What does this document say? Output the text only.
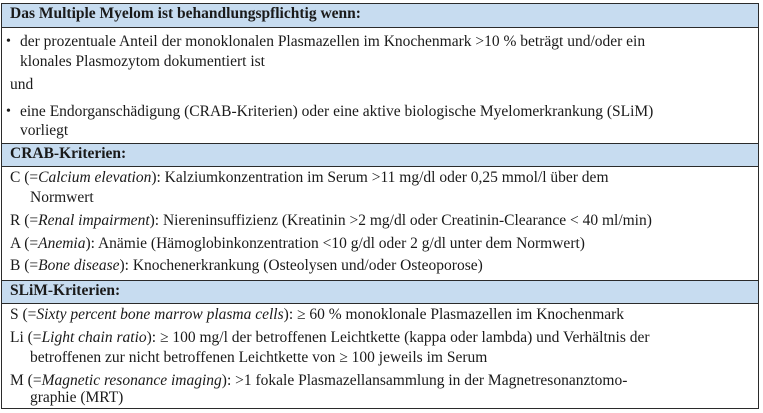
Das Multiple Myelom ist behandlungspflichtig wenn:
• der prozentuale Anteil der monoklonalen Plasmazellen im Knochenmark >10 % beträgt und/oder ein
klonales Plasmozytom dokumentiert ist
und
• eine Endorganschädigung (CRAB-Kriterien) oder eine aktive biologische Myelomerkrankung (SLiM)
vorliegt
CRAB-Kriterien:
C (=Calcium elevation): Kalziumkonzentration im Serum >11 mg/dl oder 0,25 mmol/l über dem
Normwert
R (=Renal impairment): Niereninsuffizienz (Kreatinin >2 mg/dl oder Creatinin-Clearance < 40 ml/min)
A (=Anemia): Anämie (Hämoglobinkonzentration <10 g/dl oder 2 g/dl unter dem Normwert)
B (=Bone disease): Knochenerkrankung (Osteolysen und/oder Osteoporose)
SLiM-Kriterien:
S (=Sixty percent bone marrow plasma cells): ≥ 60 % monoklonale Plasmazellen im Knochenmark
Li (=Light chain ratio): ≥ 100 mg/l der betroffenen Leichtkette (kappa oder lambda) und Verhältnis der
betroffenen zur nicht betroffenen Leichtkette von ≥ 100 jeweils im Serum
M (=Magnetic resonance imaging): >1 fokale Plasmazellansammlung in der Magnetresonanztomo-
graphie (MRT)
